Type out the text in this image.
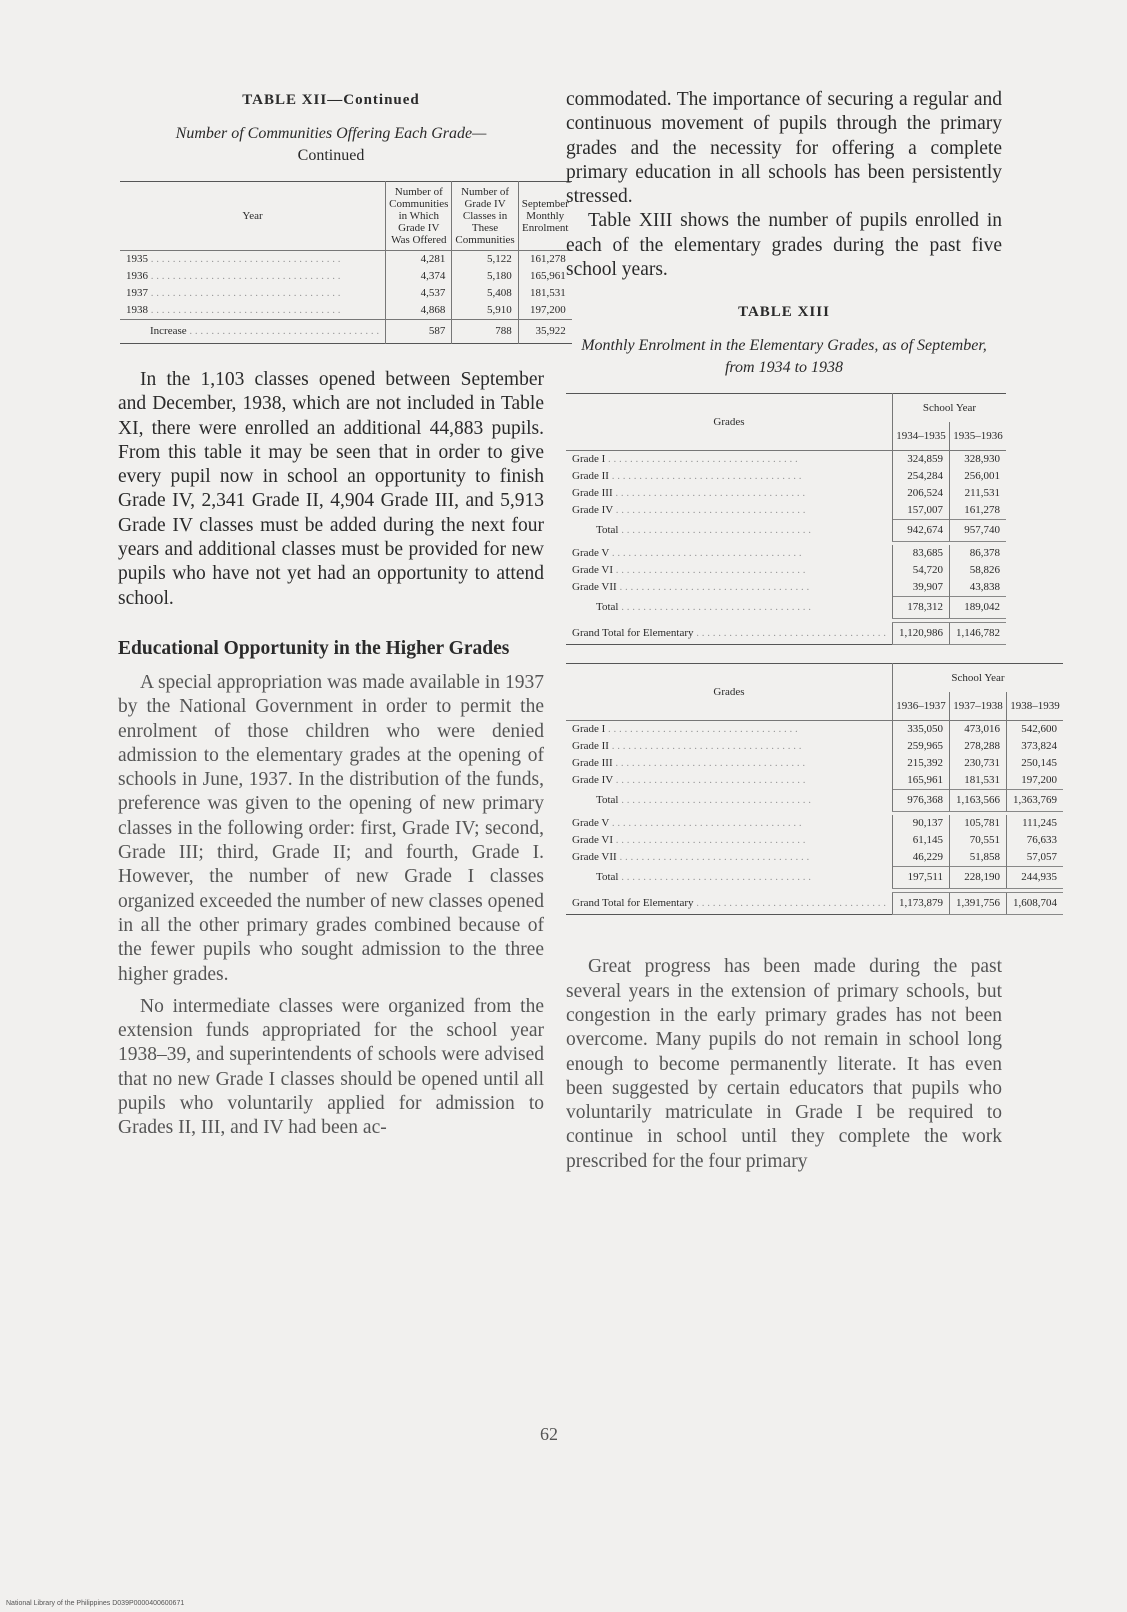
TABLE XII—Continued
Number of Communities Offering Each Grade—
Continued
Year	Number of Communities in Which Grade IV Was Offered	Number of Grade IV Classes in These Communities	September Monthly Enrolment
1935 . . .	4,281	5,122	161,278
1936 . . .	4,374	5,180	165,961
1937 . . .	4,537	5,408	181,531
1938 . . .	4,868	5,910	197,200
Increase . . .	587	788	35,922

In the 1,103 classes opened between September and December, 1938, which are not included in Table XI, there were enrolled an additional 44,883 pupils. From this table it may be seen that in order to give every pupil now in school an opportunity to finish Grade IV, 2,341 Grade II, 4,904 Grade III, and 5,913 Grade IV classes must be added during the next four years and additional classes must be provided for new pupils who have not yet had an opportunity to attend school.

Educational Opportunity in the Higher Grades

A special appropriation was made available in 1937 by the National Government in order to permit the enrolment of those children who were denied admission to the elementary grades at the opening of schools in June, 1937. In the distribution of the funds, preference was given to the opening of new primary classes in the following order: first, Grade IV; second, Grade III; third, Grade II; and fourth, Grade I. However, the number of new Grade I classes organized exceeded the number of new classes opened in all the other primary grades combined because of the fewer pupils who sought admission to the three higher grades.

No intermediate classes were organized from the extension funds appropriated for the school year 1938–39, and superintendents of schools were advised that no new Grade I classes should be opened until all pupils who voluntarily applied for admission to Grades II, III, and IV had been ac-

commodated. The importance of securing a regular and continuous movement of pupils through the primary grades and the necessity for offering a complete primary education in all schools has been persistently stressed.

Table XIII shows the number of pupils enrolled in each of the elementary grades during the past five school years.

TABLE XIII
Monthly Enrolment in the Elementary Grades, as of September, from 1934 to 1938
Grades	School Year	
	1934–1935	1935–1936
Grade I . . .	324,859	328,930
Grade II . . .	254,284	256,001
Grade III . . .	206,524	211,531
Grade IV . . .	157,007	161,278
Total . . .	942,674	957,740

Grade V . . .	83,685	86,378
Grade VI . . .	54,720	58,826
Grade VII . . .	39,907	43,838
Total . . .	178,312	189,042

Grand Total for Elementary . . .	1,120,986	1,146,782
Grades	School Year		
	1936–1937	1937–1938	1938–1939
Grade I . . .	335,050	473,016	542,600
Grade II . . .	259,965	278,288	373,824
Grade III . . .	215,392	230,731	250,145
Grade IV . . .	165,961	181,531	197,200
Total . . .	976,368	1,163,566	1,363,769

Grade V . . .	90,137	105,781	111,245
Grade VI . . .	61,145	70,551	76,633
Grade VII . . .	46,229	51,858	57,057
Total . . .	197,511	228,190	244,935

Grand Total for Elementary . . .	1,173,879	1,391,756	1,608,704

Great progress has been made during the past several years in the extension of primary schools, but congestion in the early primary grades has not been overcome. Many pupils do not remain in school long enough to become permanently literate. It has even been suggested by certain educators that pupils who voluntarily matriculate in Grade I be required to continue in school until they complete the work prescribed for the four primary

62
National Library of the Philippines D039P0000400600671
